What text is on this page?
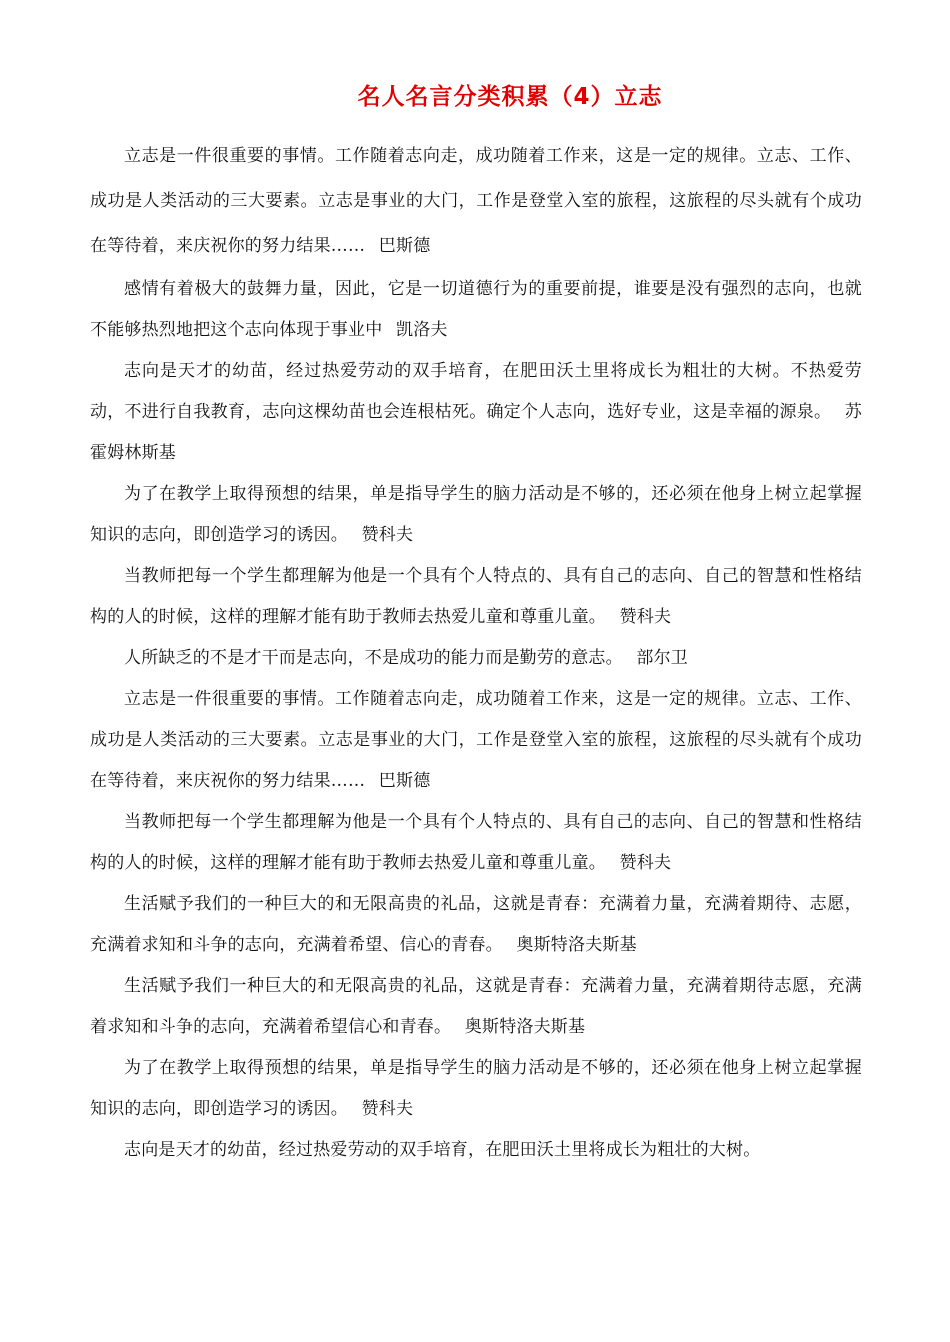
名人名言分类积累（4）立志

立志是一件很重要的事情。工作随着志向走，成功随着工作来，这是一定的规律。立志、工作、成功是人类活动的三大要素。立志是事业的大门，工作是登堂入室的旅程，这旅程的尽头就有个成功在等待着，来庆祝你的努力结果…… 巴斯德

感情有着极大的鼓舞力量，因此，它是一切道德行为的重要前提，谁要是没有强烈的志向，也就不能够热烈地把这个志向体现于事业中 凯洛夫

志向是天才的幼苗，经过热爱劳动的双手培育，在肥田沃土里将成长为粗壮的大树。不热爱劳动，不进行自我教育，志向这棵幼苗也会连根枯死。确定个人志向，选好专业，这是幸福的源泉。 苏霍姆林斯基

为了在教学上取得预想的结果，单是指导学生的脑力活动是不够的，还必须在他身上树立起掌握知识的志向，即创造学习的诱因。 赞科夫

当教师把每一个学生都理解为他是一个具有个人特点的、具有自己的志向、自己的智慧和性格结构的人的时候，这样的理解才能有助于教师去热爱儿童和尊重儿童。 赞科夫

人所缺乏的不是才干而是志向，不是成功的能力而是勤劳的意志。 部尔卫

立志是一件很重要的事情。工作随着志向走，成功随着工作来，这是一定的规律。立志、工作、成功是人类活动的三大要素。立志是事业的大门，工作是登堂入室的旅程，这旅程的尽头就有个成功在等待着，来庆祝你的努力结果…… 巴斯德

当教师把每一个学生都理解为他是一个具有个人特点的、具有自己的志向、自己的智慧和性格结构的人的时候，这样的理解才能有助于教师去热爱儿童和尊重儿童。 赞科夫

生活赋予我们的一种巨大的和无限高贵的礼品，这就是青春：充满着力量，充满着期待、志愿，充满着求知和斗争的志向，充满着希望、信心的青春。 奥斯特洛夫斯基

生活赋予我们一种巨大的和无限高贵的礼品，这就是青春：充满着力量，充满着期待志愿，充满着求知和斗争的志向，充满着希望信心和青春。 奥斯特洛夫斯基

为了在教学上取得预想的结果，单是指导学生的脑力活动是不够的，还必须在他身上树立起掌握知识的志向，即创造学习的诱因。 赞科夫

志向是天才的幼苗，经过热爱劳动的双手培育，在肥田沃土里将成长为粗壮的大树。
